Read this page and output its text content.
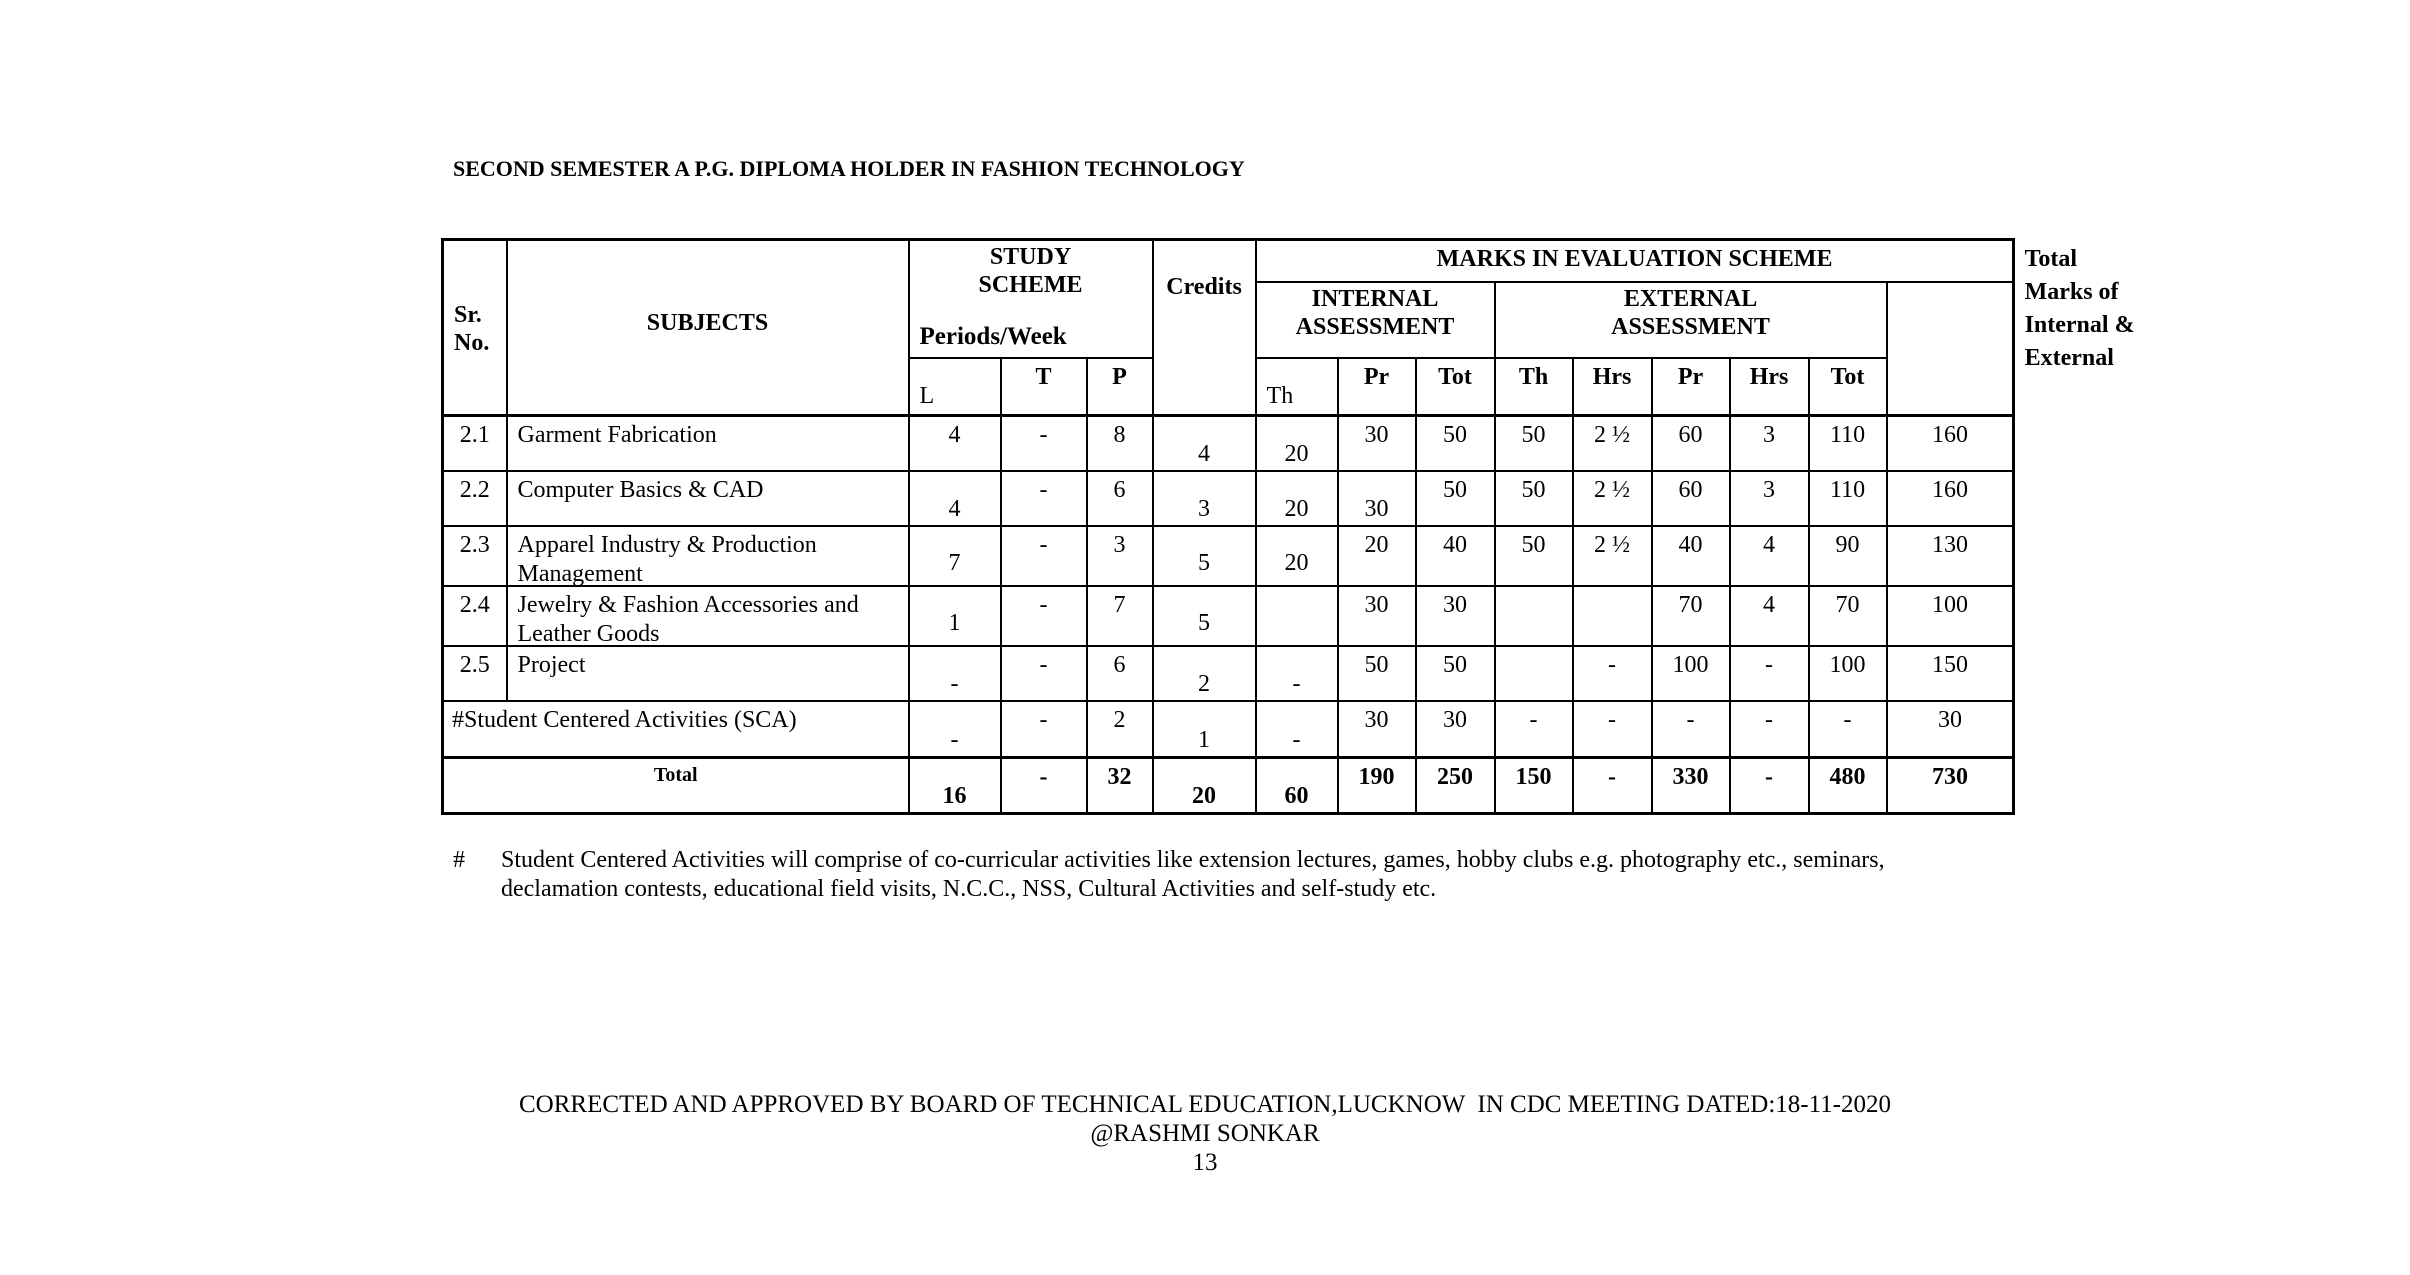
SECOND SEMESTER A P.G. DIPLOMA HOLDER IN FASHION TECHNOLOGY
Sr. No.	SUBJECTS	STUDY SCHEME
Periods/Week			Credits	MARKS IN EVALUATION SCHEME									Total Marks of Internal & External

						INTERNAL ASSESSMENT			EXTERNAL ASSESSMENT						

		L	T	P		Th	Pr	Tot	Th	Hrs	Pr	Hrs	Tot		

2.1	Garment Fabrication	4	-	8	4	20	30	50	50	2 ½	60	3	110	160	

2.2	Computer Basics & CAD	4	-	6	3	20	30	50	50	2 ½	60	3	110	160	

2.3	Apparel Industry & Production Management	7	-	3	5	20	20	40	50	2 ½	40	4	90	130	

2.4	Jewelry & Fashion Accessories and Leather Goods	1	-	7	5		30	30			70	4	70	100	

2.5	Project	-	-	6	2	-	50	50		-	100	-	100	150	

#Student Centered Activities (SCA)		-	-	2	1	-	30	30	-	-	-	-	-	30	

Total		16	-	32	20	60	190	250	150	-	330	-	480	730	
# Student Centered Activities will comprise of co-curricular activities like extension lectures, games, hobby clubs e.g. photography etc., seminars, declamation contests, educational field visits, N.C.C., NSS, Cultural Activities and self-study etc.
CORRECTED AND APPROVED BY BOARD OF TECHNICAL EDUCATION,LUCKNOW  IN CDC MEETING DATED:18-11-2020
@RASHMI SONKAR
13
